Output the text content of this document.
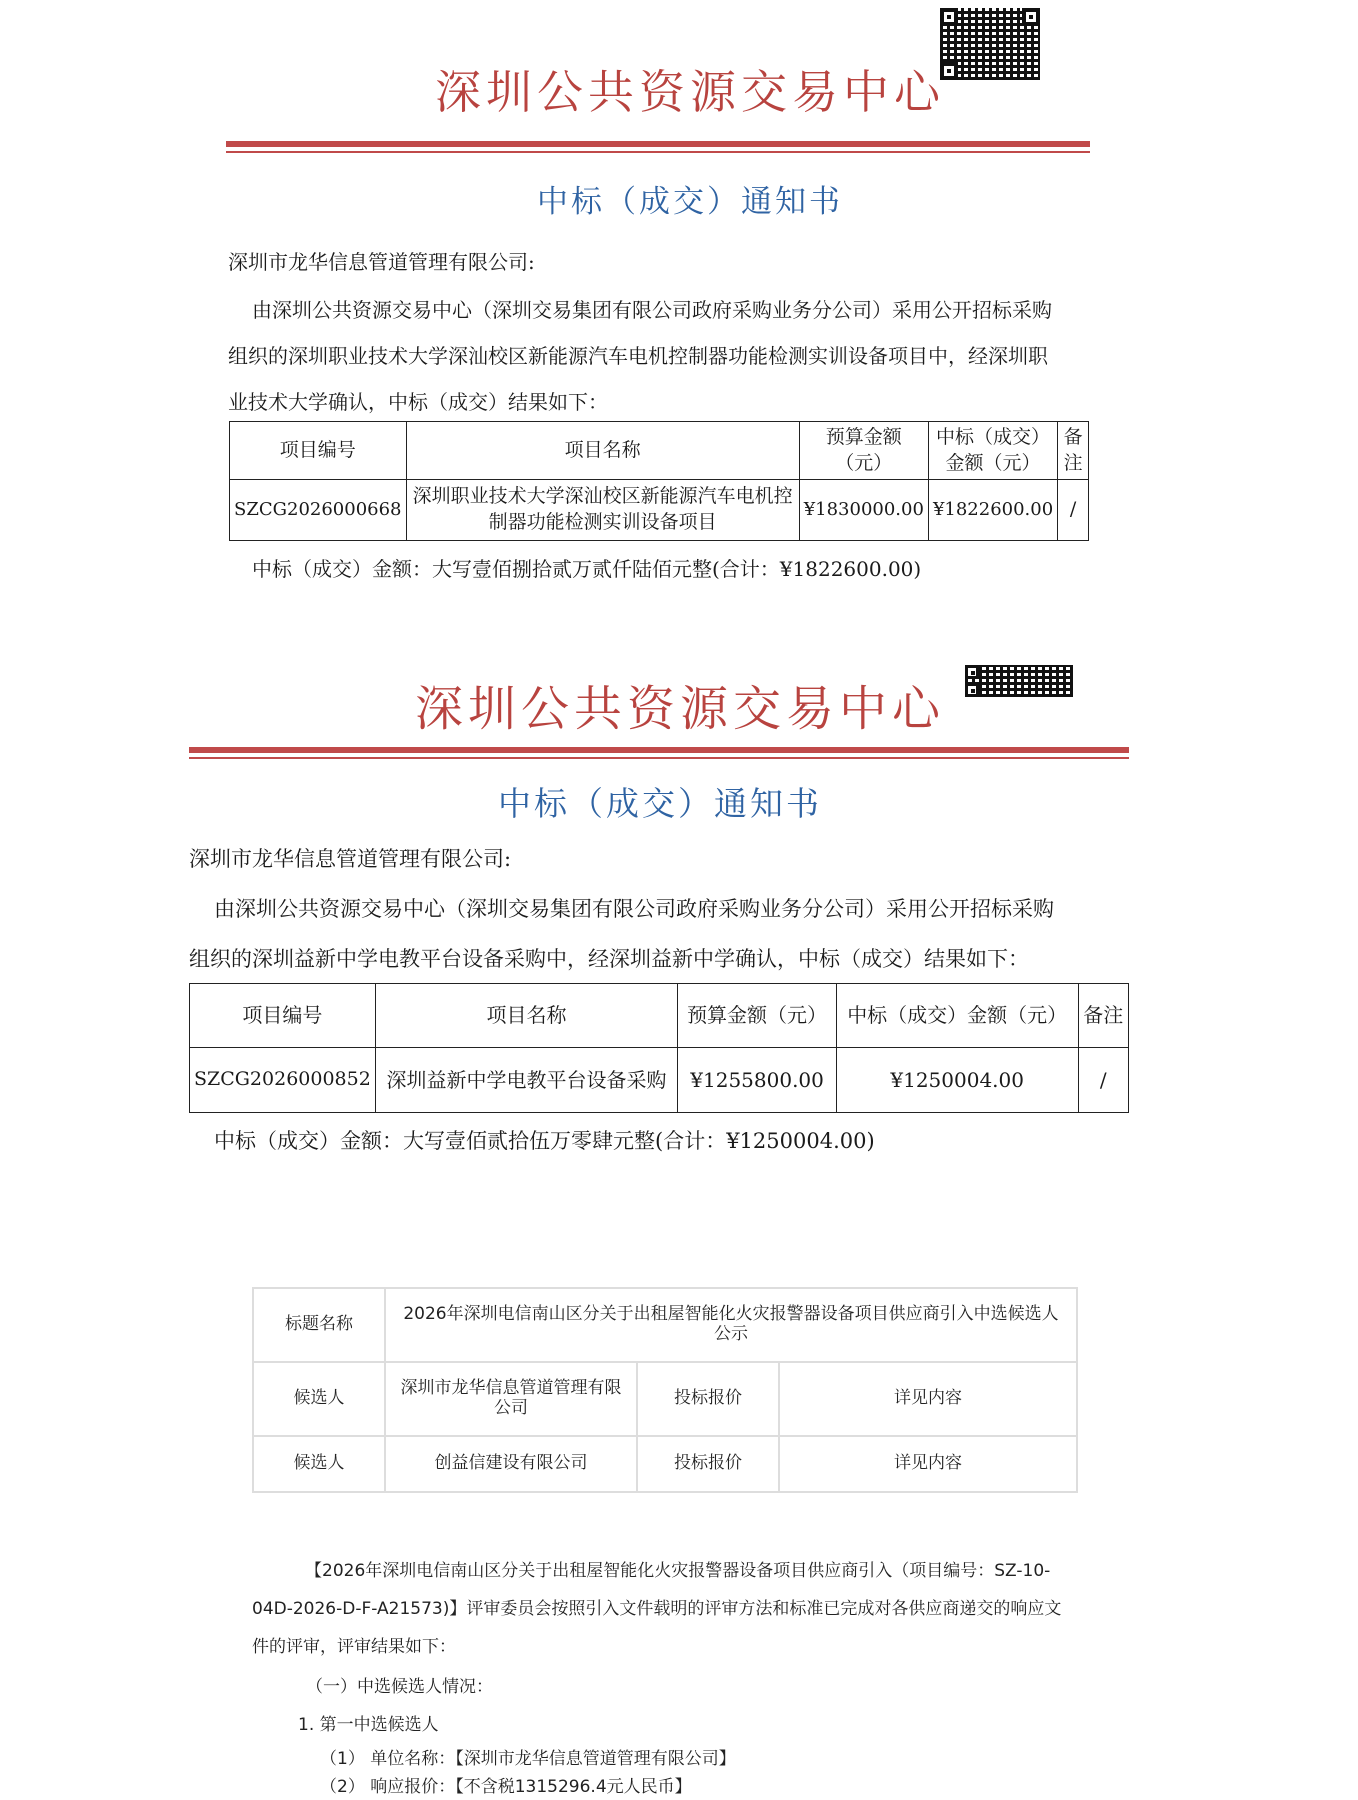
深圳公共资源交易中心
中标（成交）通知书
深圳市龙华信息管道管理有限公司:
由深圳公共资源交易中心（深圳交易集团有限公司政府采购业务分公司）采用公开招标采购
组织的深圳职业技术大学深汕校区新能源汽车电机控制器功能检测实训设备项目中，经深圳职
业技术大学确认，中标（成交）结果如下：
项目编号	项目名称	预算金额（元）	中标（成交）金额（元）	备注
SZCG2026000668	深圳职业技术大学深汕校区新能源汽车电机控制器功能检测实训设备项目	¥1830000.00	¥1822600.00	/
中标（成交）金额：大写壹佰捌拾贰万贰仟陆佰元整(合计：¥1822600.00)
深圳公共资源交易中心
中标（成交）通知书
深圳市龙华信息管道管理有限公司:
由深圳公共资源交易中心（深圳交易集团有限公司政府采购业务分公司）采用公开招标采购
组织的深圳益新中学电教平台设备采购中，经深圳益新中学确认，中标（成交）结果如下：
项目编号	项目名称	预算金额（元）	中标（成交）金额（元）	备注
SZCG2026000852	深圳益新中学电教平台设备采购	¥1255800.00	¥1250004.00	/
中标（成交）金额：大写壹佰贰拾伍万零肆元整(合计：¥1250004.00)
标题名称	2026年深圳电信南山区分关于出租屋智能化火灾报警器设备项目供应商引入中选候选人公示		
候选人	深圳市龙华信息管道管理有限公司	投标报价	详见内容
候选人	创益信建设有限公司	投标报价	详见内容
【2026年深圳电信南山区分关于出租屋智能化火灾报警器设备项目供应商引入（项目编号：SZ-10-
04D-2026-D-F-A21573)】评审委员会按照引入文件载明的评审方法和标准已完成对各供应商递交的响应文
件的评审，评审结果如下：
（一）中选候选人情况：
1. 第一中选候选人
（1） 单位名称：【深圳市龙华信息管道管理有限公司】
（2） 响应报价：【不含税1315296.4元人民币】
